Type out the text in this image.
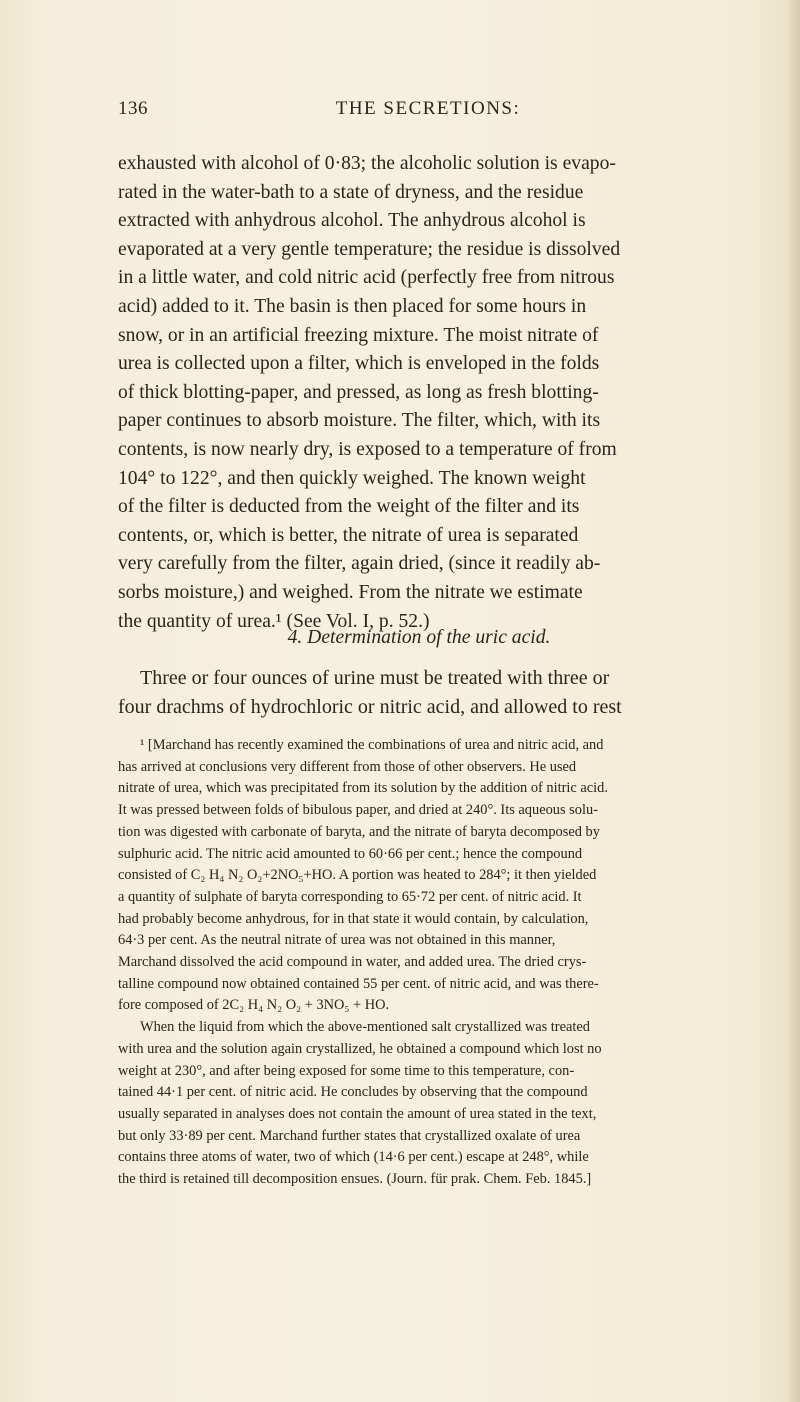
136	THE SECRETIONS:
exhausted with alcohol of 0·83; the alcoholic solution is evapo-
rated in the water-bath to a state of dryness, and the residue
extracted with anhydrous alcohol. The anhydrous alcohol is
evaporated at a very gentle temperature; the residue is dissolved
in a little water, and cold nitric acid (perfectly free from nitrous
acid) added to it. The basin is then placed for some hours in
snow, or in an artificial freezing mixture. The moist nitrate of
urea is collected upon a filter, which is enveloped in the folds
of thick blotting-paper, and pressed, as long as fresh blotting-
paper continues to absorb moisture. The filter, which, with its
contents, is now nearly dry, is exposed to a temperature of from
104° to 122°, and then quickly weighed. The known weight
of the filter is deducted from the weight of the filter and its
contents, or, which is better, the nitrate of urea is separated
very carefully from the filter, again dried, (since it readily ab-
sorbs moisture,) and weighed. From the nitrate we estimate
the quantity of urea.¹ (See Vol. I, p. 52.)
4. Determination of the uric acid.
Three or four ounces of urine must be treated with three or
four drachms of hydrochloric or nitric acid, and allowed to rest
¹ [Marchand has recently examined the combinations of urea and nitric acid, and
has arrived at conclusions very different from those of other observers. He used
nitrate of urea, which was precipitated from its solution by the addition of nitric acid.
It was pressed between folds of bibulous paper, and dried at 240°. Its aqueous solu-
tion was digested with carbonate of baryta, and the nitrate of baryta decomposed by
sulphuric acid. The nitric acid amounted to 60·66 per cent.; hence the compound
consisted of C₂ H₄ N₂ O₂+2NO₅+HO. A portion was heated to 284°; it then yielded
a quantity of sulphate of baryta corresponding to 65·72 per cent. of nitric acid. It
had probably become anhydrous, for in that state it would contain, by calculation,
64·3 per cent. As the neutral nitrate of urea was not obtained in this manner,
Marchand dissolved the acid compound in water, and added urea. The dried crys-
talline compound now obtained contained 55 per cent. of nitric acid, and was there-
fore composed of 2C₂ H₄ N₂ O₂ + 3NO₅ + HO.
When the liquid from which the above-mentioned salt crystallized was treated
with urea and the solution again crystallized, he obtained a compound which lost no
weight at 230°, and after being exposed for some time to this temperature, con-
tained 44·1 per cent. of nitric acid. He concludes by observing that the compound
usually separated in analyses does not contain the amount of urea stated in the text,
but only 33·89 per cent. Marchand further states that crystallized oxalate of urea
contains three atoms of water, two of which (14·6 per cent.) escape at 248°, while
the third is retained till decomposition ensues. (Journ. für prak. Chem. Feb. 1845.]
